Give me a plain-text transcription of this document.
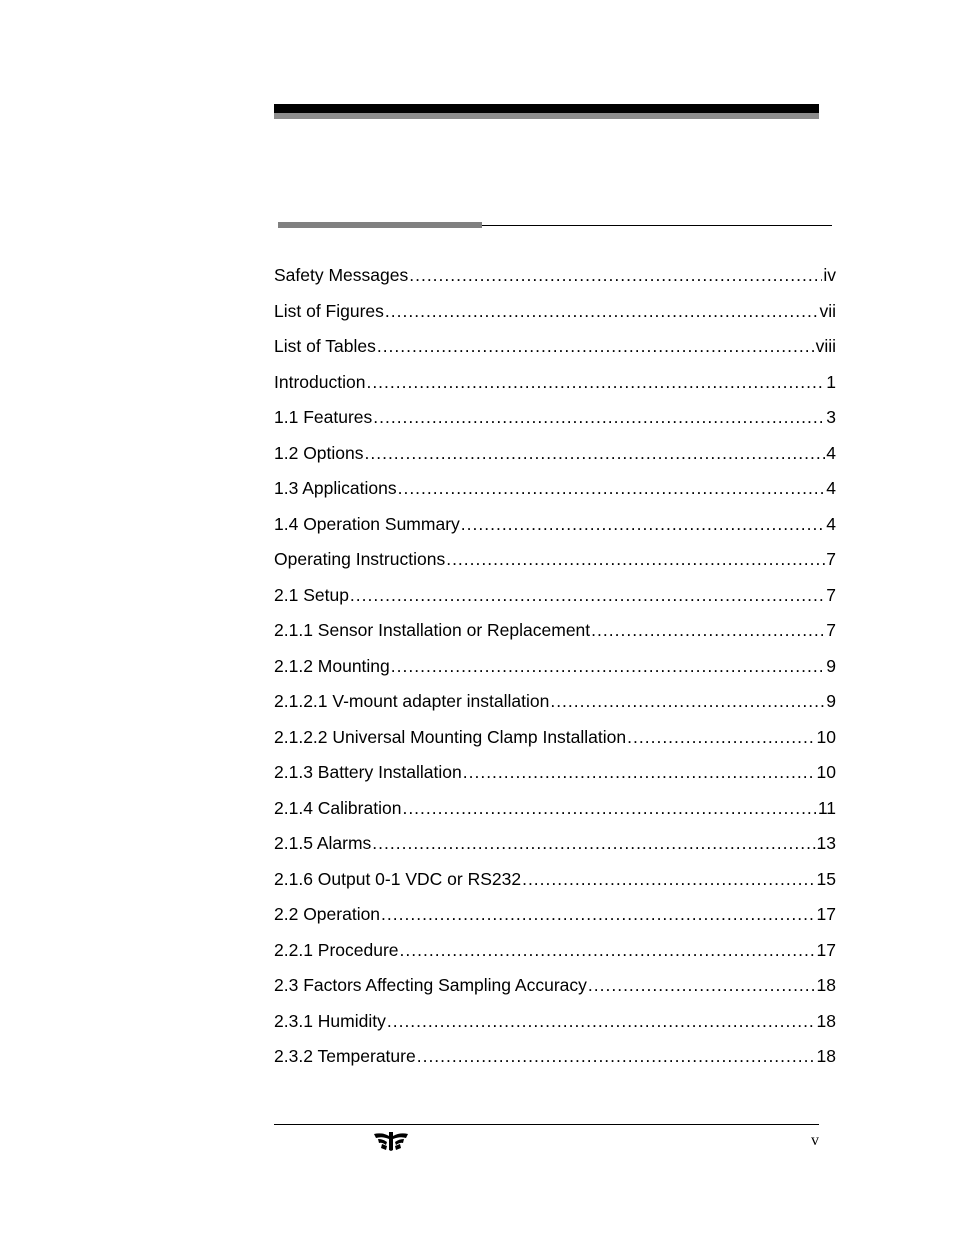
Safety Messages .....	iv
List of Figures .....	vii
List of Tables .....	viii
Introduction .....	1
1.1 Features .....	3
1.2 Options .....	4
1.3 Applications .....	4
1.4 Operation Summary .....	4
Operating Instructions .....	7
2.1 Setup .....	7
2.1.1 Sensor Installation or Replacement .....	7
2.1.2 Mounting .....	9
2.1.2.1 V-mount adapter installation .....	9
2.1.2.2 Universal Mounting Clamp Installation .....	10
2.1.3 Battery Installation .....	10
2.1.4 Calibration .....	11
2.1.5 Alarms .....	13
2.1.6 Output 0-1 VDC or RS232 .....	15
2.2 Operation .....	17
2.2.1 Procedure .....	17
2.3 Factors Affecting Sampling Accuracy .....	18
2.3.1 Humidity .....	18
2.3.2 Temperature .....	18
v
